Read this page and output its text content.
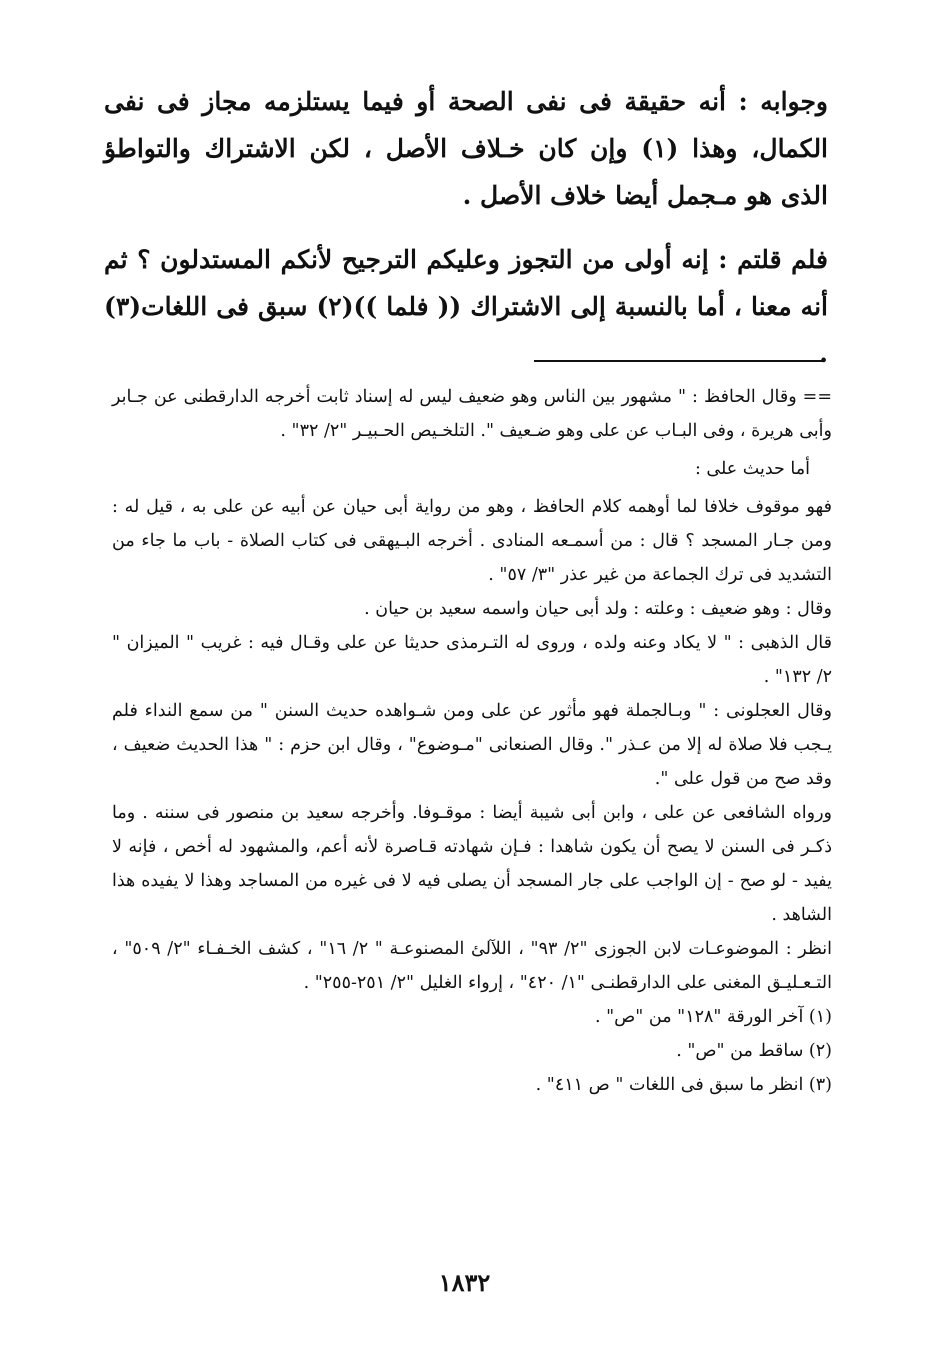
وجوابه : أنه حقيقة فى نفى الصحة أو فيما يستلزمه مجاز فى نفى الكمال، وهذا (١) وإن كان خـلاف الأصل ، لكن الاشتراك والتواطؤ الذى هو مـجمل أيضا خلاف الأصل .

فلم قلتم : إنه أولى من التجوز وعليكم الترجيح لأنكم المستدلون ؟ ثم أنه معنا ، أما بالنسبة إلى الاشتراك (( فلما ))(٢) سبق فى اللغات(٣) .

== وقال الحافظ : " مشهور بين الناس وهو ضعيف ليس له إسناد ثابت أخرجه الدارقطنى عن جـابر وأبى هريرة ، وفى البـاب عن على وهو ضـعيف ". التلخـيص الحـبيـر "٢/ ٣٢" .

أما حديث على :

فهو موقوف خلافا لما أوهمه كلام الحافظ ، وهو من رواية أبى حيان عن أبيه عن على به ، قيل له : ومن جـار المسجد ؟ قال : من أسمـعه المنادى . أخرجه البـيهقى فى كتاب الصلاة - باب ما جاء من التشديد فى ترك الجماعة من غير عذر "٣/ ٥٧" .

وقال : وهو ضعيف : وعلته : ولد أبى حيان واسمه سعيد بن حيان .

قال الذهبى : " لا يكاد وعنه ولده ، وروى له التـرمذى حديثا عن على وقـال فيه : غريب " الميزان " ٢/ ١٣٢" .

وقال العجلونى : " وبـالجملة فهو مأثور عن على ومن شـواهده حديث السنن " من سمع النداء فلم يـجب فلا صلاة له إلا من عـذر ". وقال الصنعانى "مـوضوع" ، وقال ابن حزم : " هذا الحديث ضعيف ، وقد صح من قول على ".

ورواه الشافعى عن على ، وابن أبى شيبة أيضا : موقـوفا. وأخرجه سعيد بن منصور فى سننه . وما ذكـر فى السنن لا يصح أن يكون شاهدا : فـإن شهادته قـاصرة لأنه أعم، والمشهود له أخص ، فإنه لا يفيد - لو صح - إن الواجب على جار المسجد أن يصلى فيه لا فى غيره من المساجد وهذا لا يفيده هذا الشاهد .

انظر : الموضوعـات لابن الجوزى "٢/ ٩٣" ، اللآلئ المصنوعـة " ٢/ ١٦" ، كشف الخـفـاء "٢/ ٥٠٩" ، التـعـليـق المغنى على الدارقطنـى "١/ ٤٢٠" ، إرواء الغليل "٢/ ٢٥١-٢٥٥" .

(١) آخر الورقة "١٢٨" من "ص" .

(٢) ساقط من "ص" .

(٣) انظر ما سبق فى اللغات " ص ٤١١" .

١٨٣٢
